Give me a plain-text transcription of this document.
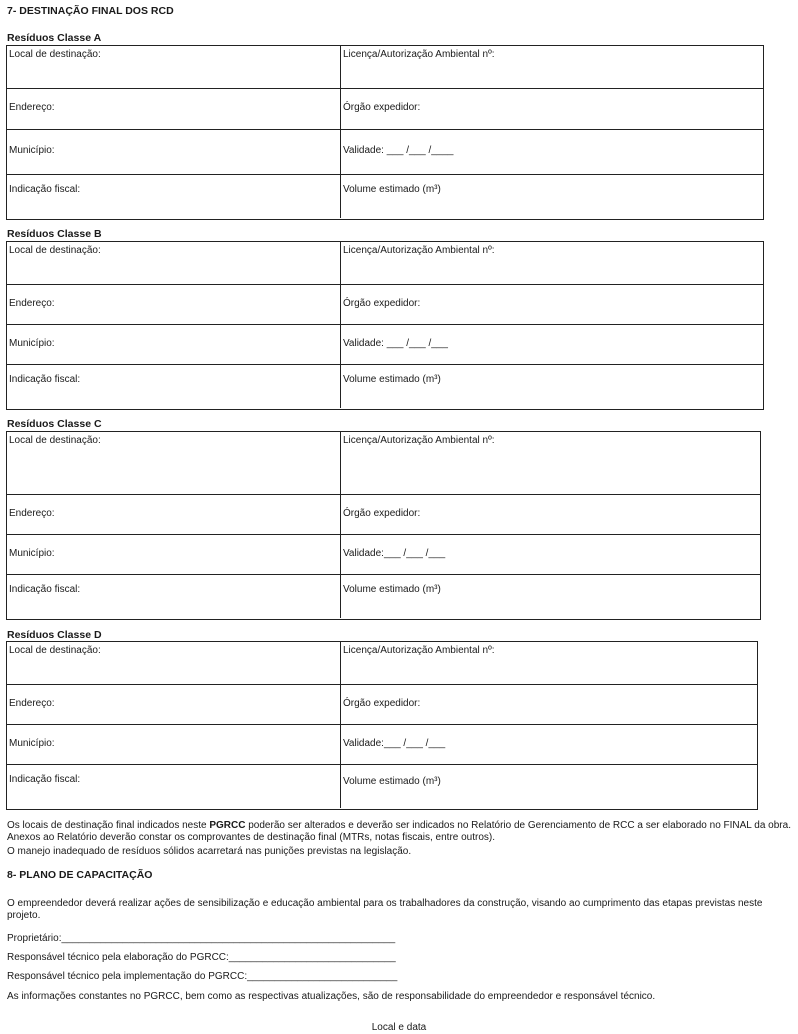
7- DESTINAÇÃO FINAL DOS RCD
Resíduos Classe A
Local de destinação:	Licença/Autorização Ambiental nº:
Endereço:	Órgão expedidor:
Município:	Validade: ___ /___ /____
Indicação fiscal:	Volume estimado (m³)
Resíduos Classe B
Local de destinação:	Licença/Autorização Ambiental nº:
Endereço:	Órgão expedidor:
Município:	Validade: ___ /___ /___
Indicação fiscal:	Volume estimado (m³)
Resíduos Classe C
Local de destinação:	Licença/Autorização Ambiental nº:
Endereço:	Órgão expedidor:
Município:	Validade:___ /___ /___
Indicação fiscal:	Volume estimado (m³)
Resíduos Classe D
Local de destinação:	Licença/Autorização Ambiental nº:
Endereço:	Órgão expedidor:
Município:	Validade:___ /___ /___
Indicação fiscal:	Volume estimado (m³)
Os locais de destinação final indicados neste PGRCC poderão ser alterados e deverão ser indicados no Relatório de Gerenciamento de RCC a ser elaborado no FINAL da obra. Anexos ao Relatório deverão constar os comprovantes de destinação final (MTRs, notas fiscais, entre outros).
O manejo inadequado de resíduos sólidos acarretará nas punições previstas na legislação.
8- PLANO DE CAPACITAÇÃO
O empreendedor deverá realizar ações de sensibilização e educação ambiental para os trabalhadores da construção, visando ao cumprimento das etapas previstas neste projeto.
Proprietário:____________________________________________________________
Responsável técnico pela elaboração do PGRCC:______________________________
Responsável técnico pela implementação do PGRCC:___________________________
As informações constantes no PGRCC, bem como as respectivas atualizações, são de responsabilidade do empreendedor e responsável técnico.
Local e data
